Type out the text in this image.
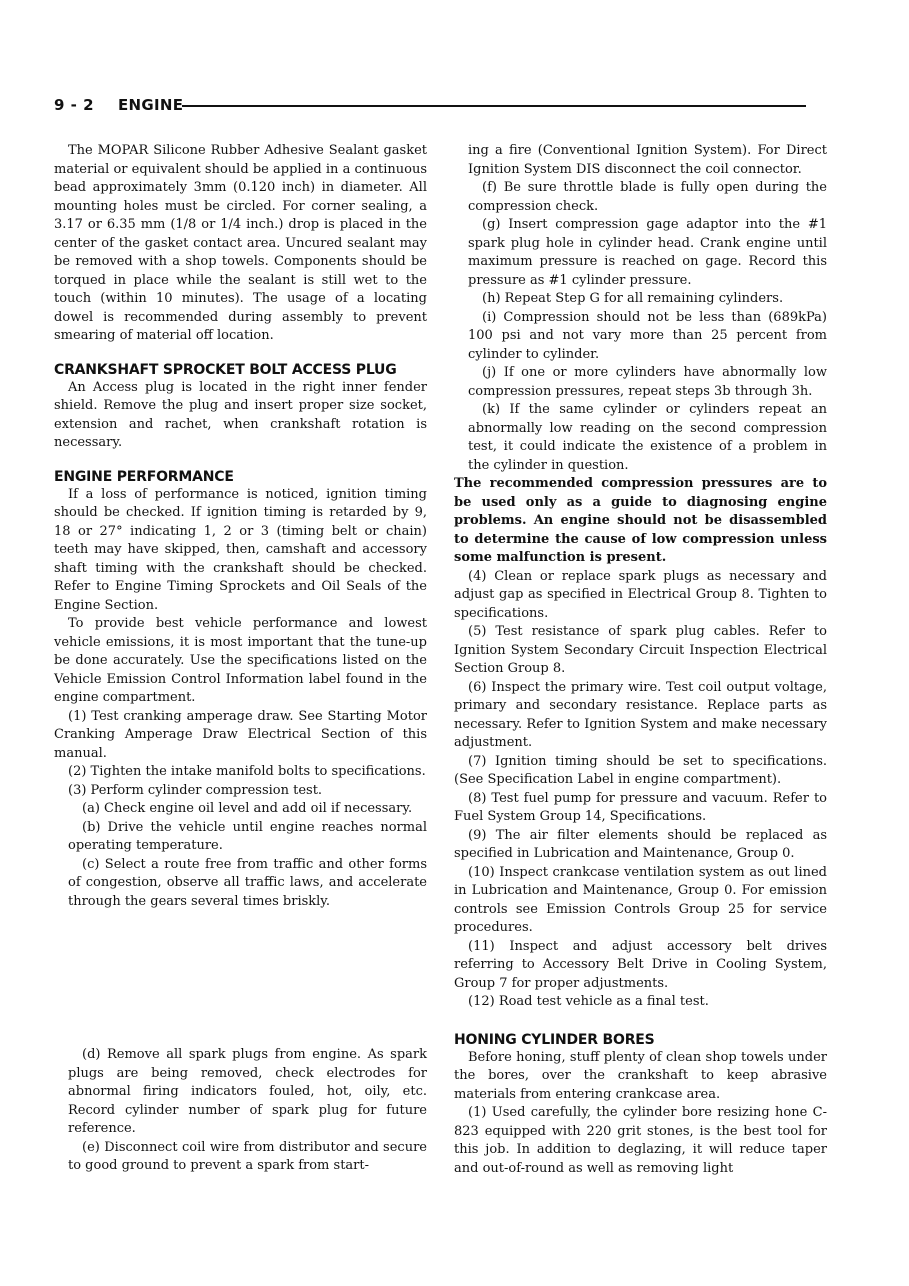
9 - 2 ENGINE

The MOPAR Silicone Rubber Adhesive Sealant gasket material or equivalent should be applied in a continuous bead approximately 3mm (0.120 inch) in diameter. All mounting holes must be circled. For corner sealing, a 3.17 or 6.35 mm (1/8 or 1/4 inch.) drop is placed in the center of the gasket contact area. Uncured sealant may be removed with a shop towels. Components should be torqued in place while the sealant is still wet to the touch (within 10 minutes). The usage of a locating dowel is recommended during assembly to prevent smearing of material off location.

CRANKSHAFT SPROCKET BOLT ACCESS PLUG

An Access plug is located in the right inner fender shield. Remove the plug and insert proper size socket, extension and rachet, when crankshaft rotation is necessary.

ENGINE PERFORMANCE

If a loss of performance is noticed, ignition timing should be checked. If ignition timing is retarded by 9, 18 or 27° indicating 1, 2 or 3 (timing belt or chain) teeth may have skipped, then, camshaft and accessory shaft timing with the crankshaft should be checked. Refer to Engine Timing Sprockets and Oil Seals of the Engine Section.

To provide best vehicle performance and lowest vehicle emissions, it is most important that the tune-up be done accurately. Use the specifications listed on the Vehicle Emission Control Information label found in the engine compartment.

(1) Test cranking amperage draw. See Starting Motor Cranking Amperage Draw Electrical Section of this manual.

(2) Tighten the intake manifold bolts to specifications.

(3) Perform cylinder compression test.

(a) Check engine oil level and add oil if necessary.

(b) Drive the vehicle until engine reaches normal operating temperature.

(c) Select a route free from traffic and other forms of congestion, observe all traffic laws, and accelerate through the gears several times briskly.

(d) Remove all spark plugs from engine. As spark plugs are being removed, check electrodes for abnormal firing indicators fouled, hot, oily, etc. Record cylinder number of spark plug for future reference.

(e) Disconnect coil wire from distributor and secure to good ground to prevent a spark from start-

ing a fire (Conventional Ignition System). For Direct Ignition System DIS disconnect the coil connector.

(f) Be sure throttle blade is fully open during the compression check.

(g) Insert compression gage adaptor into the #1 spark plug hole in cylinder head. Crank engine until maximum pressure is reached on gage. Record this pressure as #1 cylinder pressure.

(h) Repeat Step G for all remaining cylinders.

(i) Compression should not be less than (689kPa) 100 psi and not vary more than 25 percent from cylinder to cylinder.

(j) If one or more cylinders have abnormally low compression pressures, repeat steps 3b through 3h.

(k) If the same cylinder or cylinders repeat an abnormally low reading on the second compression test, it could indicate the existence of a problem in the cylinder in question.

The recommended compression pressures are to be used only as a guide to diagnosing engine problems. An engine should not be disassembled to determine the cause of low compression unless some malfunction is present.

(4) Clean or replace spark plugs as necessary and adjust gap as specified in Electrical Group 8. Tighten to specifications.

(5) Test resistance of spark plug cables. Refer to Ignition System Secondary Circuit Inspection Electrical Section Group 8.

(6) Inspect the primary wire. Test coil output voltage, primary and secondary resistance. Replace parts as necessary. Refer to Ignition System and make necessary adjustment.

(7) Ignition timing should be set to specifications. (See Specification Label in engine compartment).

(8) Test fuel pump for pressure and vacuum. Refer to Fuel System Group 14, Specifications.

(9) The air filter elements should be replaced as specified in Lubrication and Maintenance, Group 0.

(10) Inspect crankcase ventilation system as out lined in Lubrication and Maintenance, Group 0. For emission controls see Emission Controls Group 25 for service procedures.

(11) Inspect and adjust accessory belt drives referring to Accessory Belt Drive in Cooling System, Group 7 for proper adjustments.

(12) Road test vehicle as a final test.

HONING CYLINDER BORES

Before honing, stuff plenty of clean shop towels under the bores, over the crankshaft to keep abrasive materials from entering crankcase area.

(1) Used carefully, the cylinder bore resizing hone C-823 equipped with 220 grit stones, is the best tool for this job. In addition to deglazing, it will reduce taper and out-of-round as well as removing light
